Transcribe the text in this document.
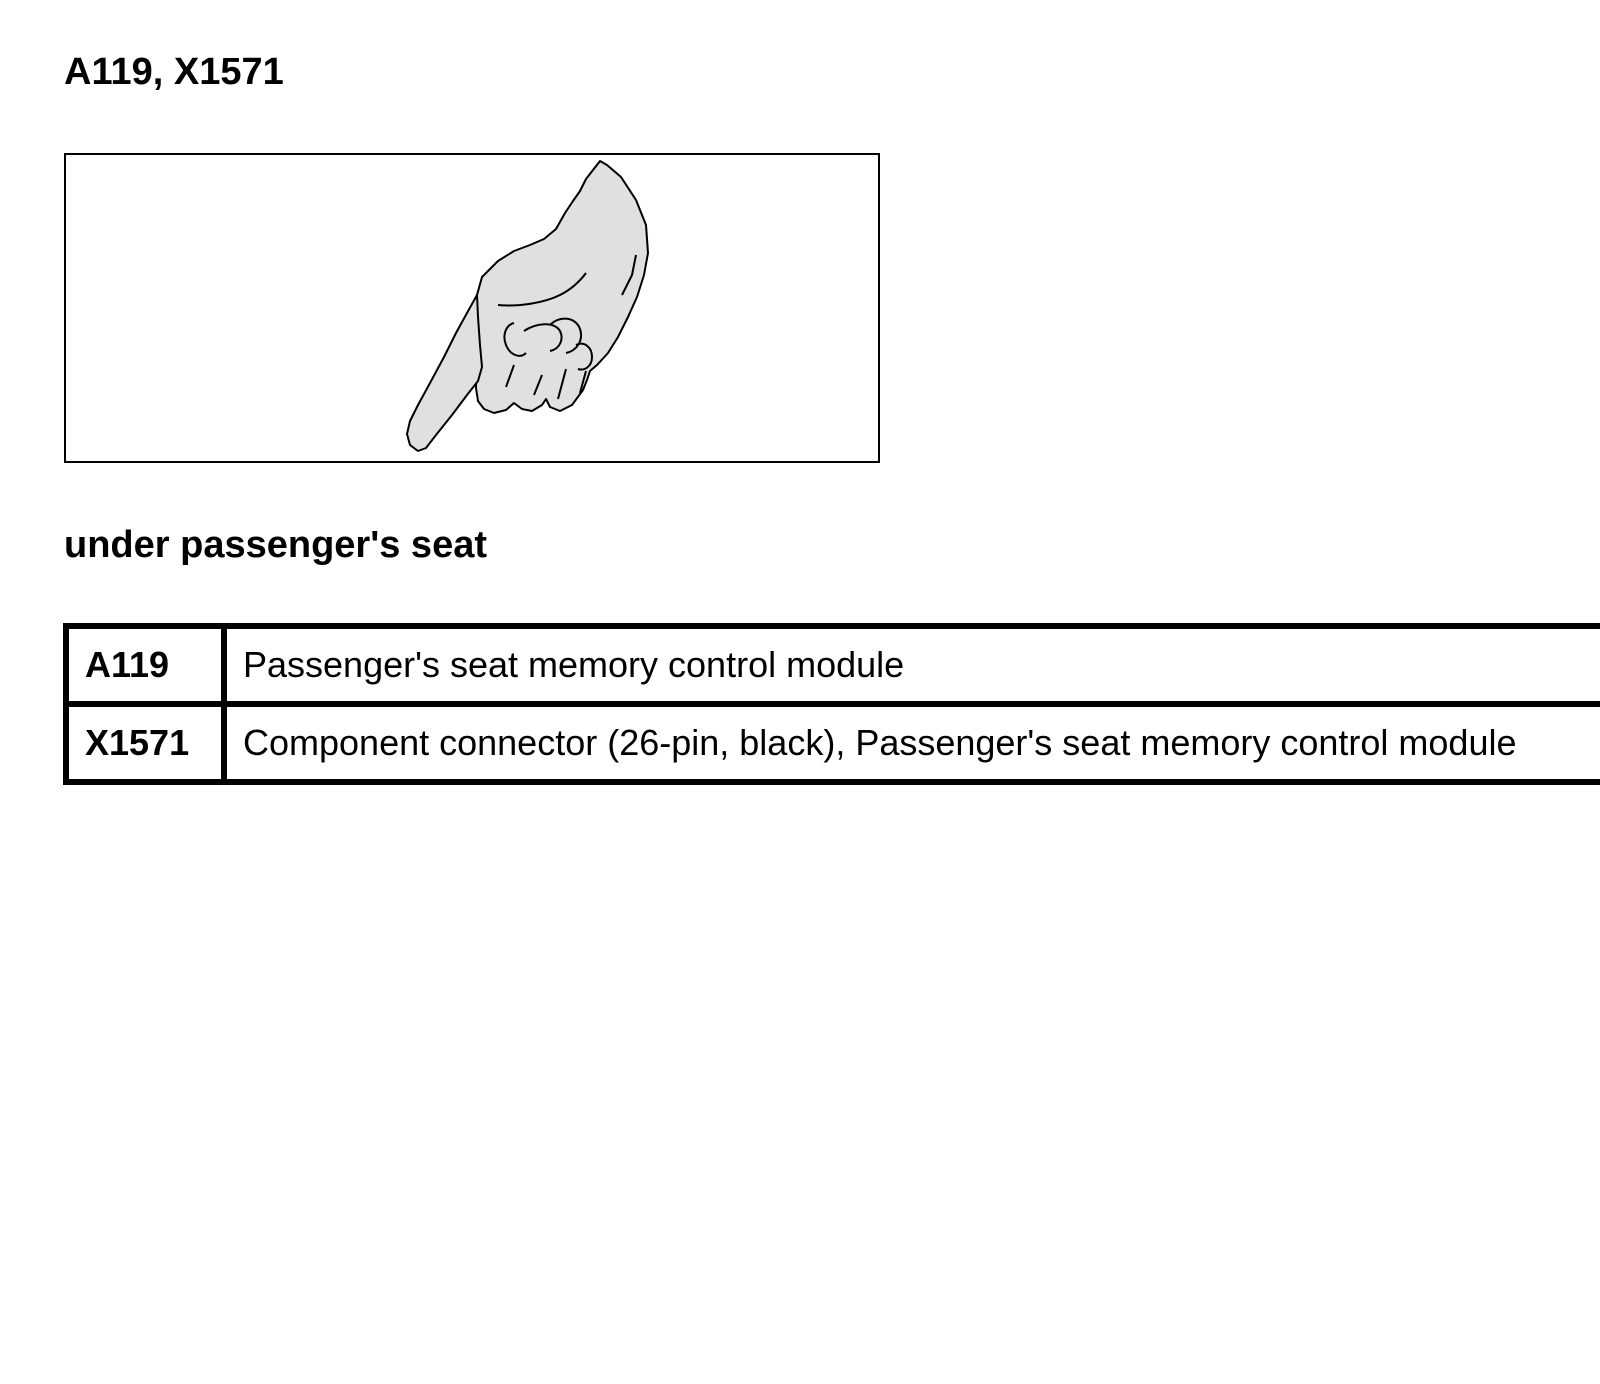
A119, X1571
under passenger's seat
A119	Passenger's seat memory control module
X1571	Component connector (26-pin, black), Passenger's seat memory control module
